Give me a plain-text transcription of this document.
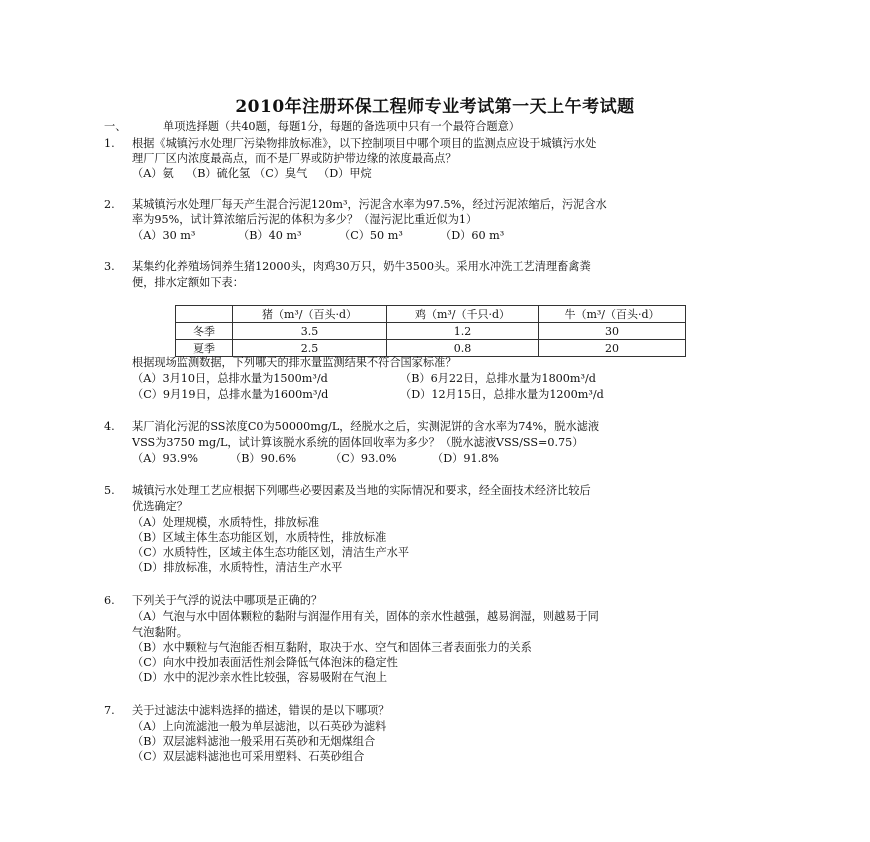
2010年注册环保工程师专业考试第一天上午考试题
一、	单项选择题（共40题，每题1分，每题的备选项中只有一个最符合题意）
1. 根据《城镇污水处理厂污染物排放标准》，以下控制项目中哪个项目的监测点应设于城镇污水处
理厂厂区内浓度最高点，而不是厂界或防护带边缘的浓度最高点？
（A）氨 （B）硫化氢 （C）臭气 （D）甲烷
2. 某城镇污水处理厂每天产生混合污泥120m³，污泥含水率为97.5%，经过污泥浓缩后，污泥含水
率为95%，试计算浓缩后污泥的体积为多少？（湿污泥比重近似为1）
（A）30 m³	（B）40 m³	（C）50 m³	（D）60 m³
3. 某集约化养殖场饲养生猪12000头，肉鸡30万只，奶牛3500头。采用水冲洗工艺清理畜禽粪
便，排水定额如下表：
	猪（m³/（百头·d）	鸡（m³/（千只·d）	牛（m³/（百头·d）
冬季	3.5	1.2	30
夏季	2.5	0.8	20
根据现场监测数据，下列哪天的排水量监测结果不符合国家标准？
（A）3月10日，总排水量为1500m³/d	（B）6月22日，总排水量为1800m³/d
（C）9月19日，总排水量为1600m³/d	（D）12月15日，总排水量为1200m³/d
4. 某厂消化污泥的SS浓度C0为50000mg/L，经脱水之后，实测泥饼的含水率为74%，脱水滤液
VSS为3750 mg/L，试计算该脱水系统的固体回收率为多少？（脱水滤液VSS/SS=0.75）
（A）93.9%	（B）90.6%	（C）93.0%	（D）91.8%
5. 城镇污水处理工艺应根据下列哪些必要因素及当地的实际情况和要求，经全面技术经济比较后
优选确定？
（A）处理规模，水质特性，排放标准
（B）区域主体生态功能区划，水质特性，排放标准
（C）水质特性，区域主体生态功能区划，清洁生产水平
（D）排放标准，水质特性，清洁生产水平
6. 下列关于气浮的说法中哪项是正确的？
（A）气泡与水中固体颗粒的黏附与润湿作用有关，固体的亲水性越强，越易润湿，则越易于同
气泡黏附。
（B）水中颗粒与气泡能否相互黏附，取决于水、空气和固体三者表面张力的关系
（C）向水中投加表面活性剂会降低气体泡沫的稳定性
（D）水中的泥沙亲水性比较强，容易吸附在气泡上
7. 关于过滤法中滤料选择的描述，错误的是以下哪项？
（A）上向流滤池一般为单层滤池，以石英砂为滤料
（B）双层滤料滤池一般采用石英砂和无烟煤组合
（C）双层滤料滤池也可采用塑料、石英砂组合
